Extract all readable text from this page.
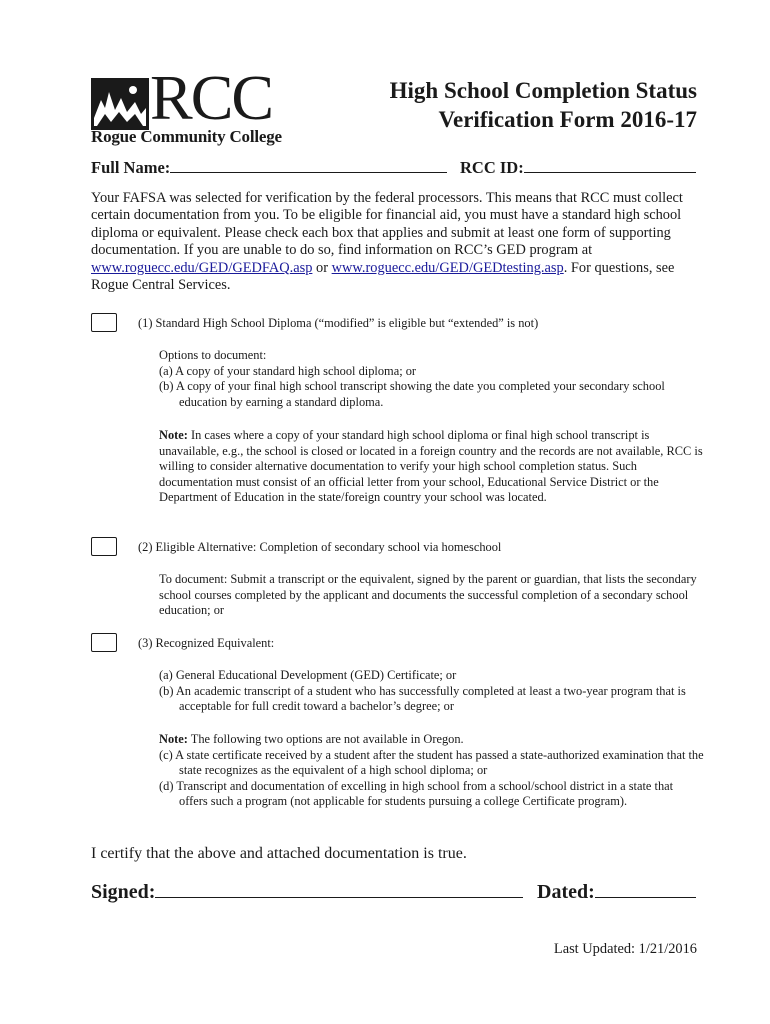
RCC
Rogue Community College
High School Completion Status
Verification Form 2016-17
Full Name:	RCC ID:
Your FAFSA was selected for verification by the federal processors. This means that RCC must collect certain documentation from you. To be eligible for financial aid, you must have a standard high school diploma or equivalent. Please check each box that applies and submit at least one form of supporting documentation. If you are unable to do so, find information on RCC’s GED program at www.roguecc.edu/GED/GEDFAQ.asp or www.roguecc.edu/GED/GEDtesting.asp. For questions, see Rogue Central Services.
(1) Standard High School Diploma (“modified” is eligible but “extended” is not)
Options to document:
(a) A copy of your standard high school diploma; or
(b) A copy of your final high school transcript showing the date you completed your secondary school education by earning a standard diploma.
Note: In cases where a copy of your standard high school diploma or final high school transcript is unavailable, e.g., the school is closed or located in a foreign country and the records are not available, RCC is willing to consider alternative documentation to verify your high school completion status. Such documentation must consist of an official letter from your school, Educational Service District or the Department of Education in the state/foreign country your school was located.
(2) Eligible Alternative: Completion of secondary school via homeschool
To document: Submit a transcript or the equivalent, signed by the parent or guardian, that lists the secondary school courses completed by the applicant and documents the successful completion of a secondary school education; or
(3) Recognized Equivalent:
(a) General Educational Development (GED) Certificate; or
(b) An academic transcript of a student who has successfully completed at least a two-year program that is acceptable for full credit toward a bachelor’s degree; or
Note: The following two options are not available in Oregon.
(c) A state certificate received by a student after the student has passed a state-authorized examination that the state recognizes as the equivalent of a high school diploma; or
(d) Transcript and documentation of excelling in high school from a school/school district in a state that offers such a program (not applicable for students pursuing a college Certificate program).
I certify that the above and attached documentation is true.
Signed:	Dated:
Last Updated: 1/21/2016
